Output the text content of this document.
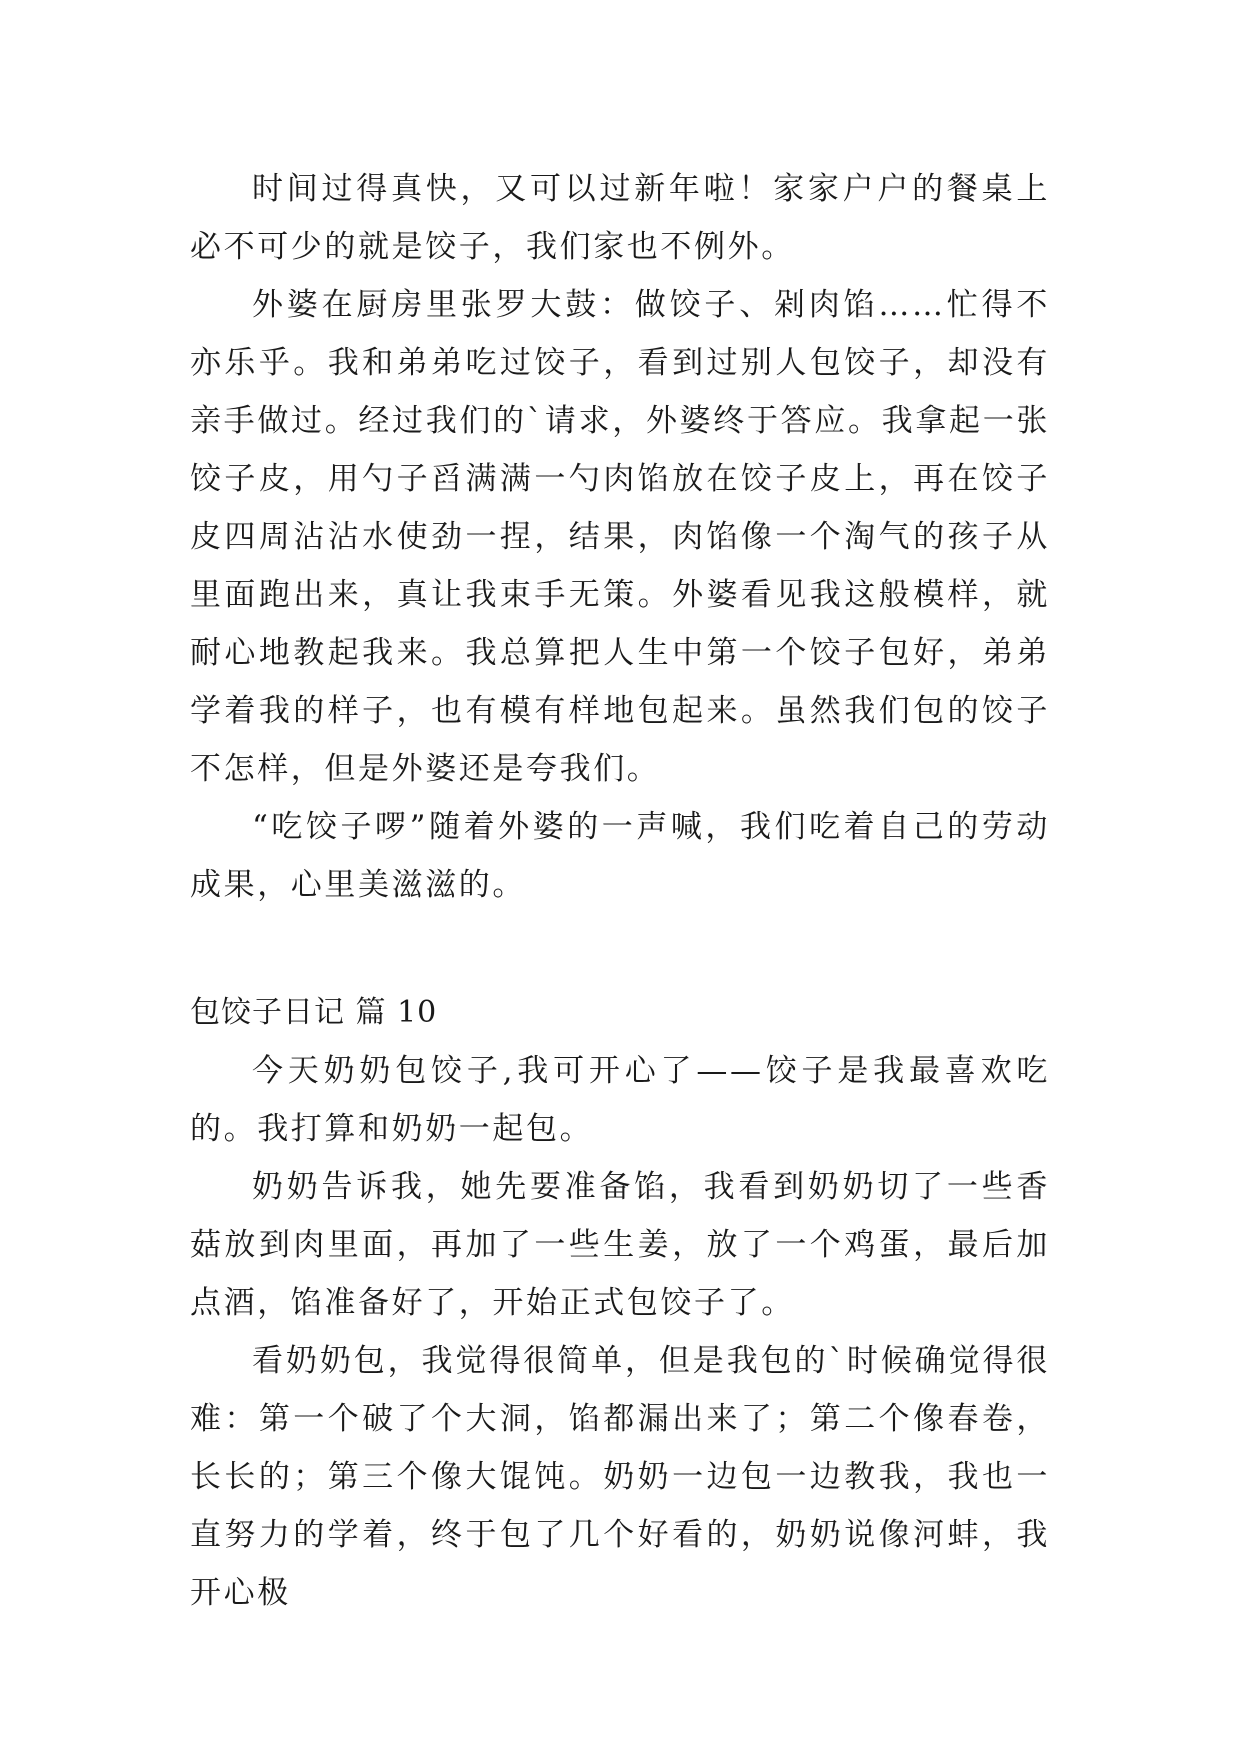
时间过得真快，又可以过新年啦！家家户户的餐桌上必不可少的就是饺子，我们家也不例外。

外婆在厨房里张罗大鼓：做饺子、剁肉馅……忙得不亦乐乎。我和弟弟吃过饺子，看到过别人包饺子，却没有亲手做过。经过我们的`请求，外婆终于答应。我拿起一张饺子皮，用勺子舀满满一勺肉馅放在饺子皮上，再在饺子皮四周沾沾水使劲一捏，结果，肉馅像一个淘气的孩子从里面跑出来，真让我束手无策。外婆看见我这般模样，就耐心地教起我来。我总算把人生中第一个饺子包好，弟弟学着我的样子，也有模有样地包起来。虽然我们包的饺子不怎样，但是外婆还是夸我们。

“吃饺子啰”随着外婆的一声喊，我们吃着自己的劳动成果，心里美滋滋的。

包饺子日记 篇 10

今天奶奶包饺子,我可开心了——饺子是我最喜欢吃的。我打算和奶奶一起包。

奶奶告诉我，她先要准备馅，我看到奶奶切了一些香菇放到肉里面，再加了一些生姜，放了一个鸡蛋，最后加点酒，馅准备好了，开始正式包饺子了。

看奶奶包，我觉得很简单，但是我包的`时候确觉得很难：第一个破了个大洞，馅都漏出来了；第二个像春卷，长长的；第三个像大馄饨。奶奶一边包一边教我，我也一直努力的学着，终于包了几个好看的，奶奶说像河蚌，我开心极
